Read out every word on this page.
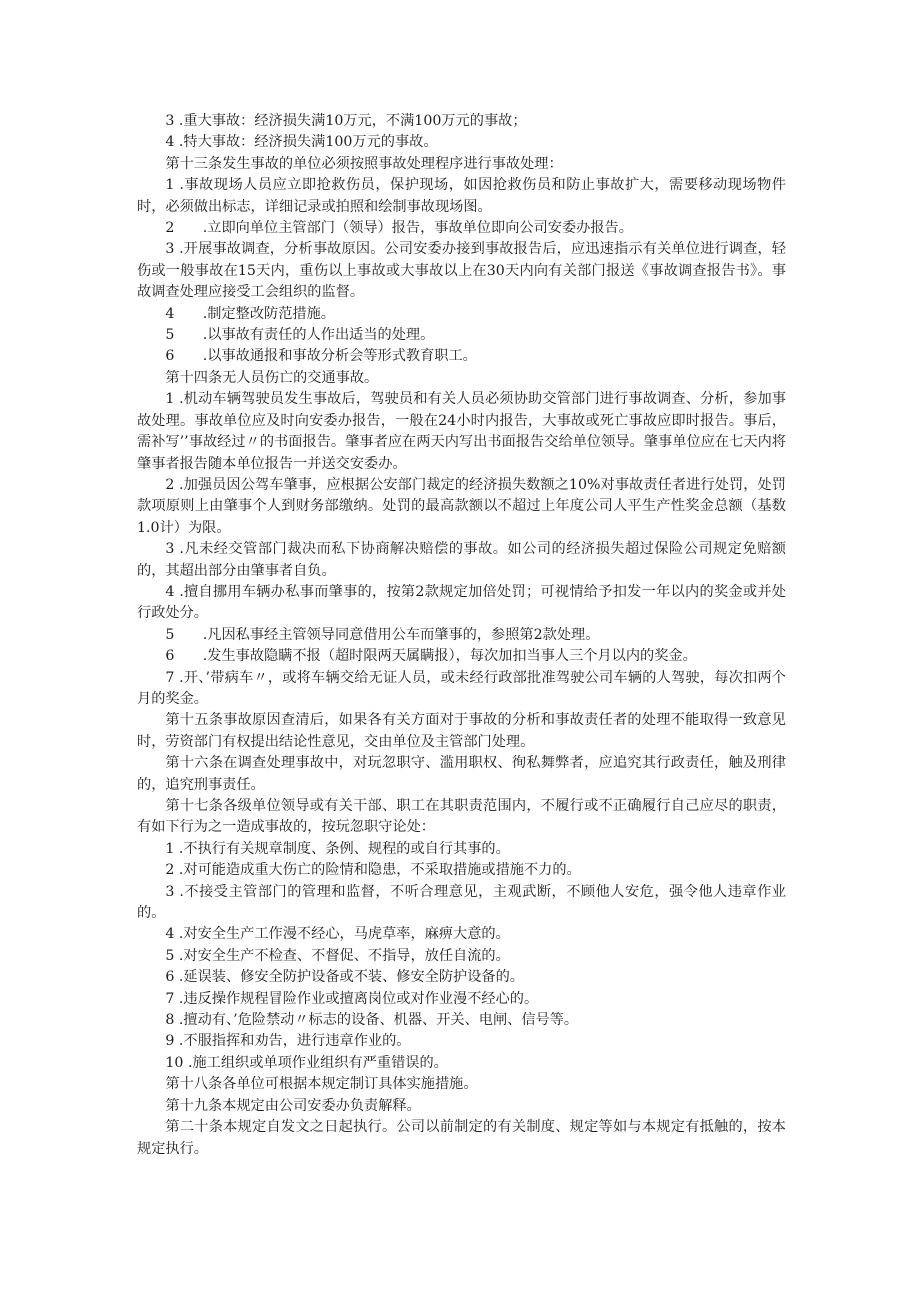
3 .重大事故：经济损失满10万元，不满100万元的事故；

4 .特大事故：经济损失满100万元的事故。

第十三条发生事故的单位必须按照事故处理程序进行事故处理：

1 .事故现场人员应立即抢救伤员，保护现场，如因抢救伤员和防止事故扩大，需要移动现场物件时，必须做出标志，详细记录或拍照和绘制事故现场图。

2　　.立即向单位主管部门（领导）报告，事故单位即向公司安委办报告。

3 .开展事故调查，分析事故原因。公司安委办接到事故报告后，应迅速指示有关单位进行调查，轻伤或一般事故在15天内，重伤以上事故或大事故以上在30天内向有关部门报送《事故调查报告书》。事故调查处理应接受工会组织的监督。

4　　.制定整改防范措施。

5　　.以事故有责任的人作出适当的处理。

6　　.以事故通报和事故分析会等形式教育职工。

第十四条无人员伤亡的交通事故。

1 .机动车辆驾驶员发生事故后，驾驶员和有关人员必须协助交管部门进行事故调查、分析，参加事故处理。事故单位应及时向安委办报告，一般在24小时内报告，大事故或死亡事故应即时报告。事后，需补写’’事故经过〃的书面报告。肇事者应在两天内写出书面报告交给单位领导。肇事单位应在七天内将肇事者报告随本单位报告一并送交安委办。

2 .加强员因公驾车肇事，应根据公安部门裁定的经济损失数额之10%对事故责任者进行处罚，处罚款项原则上由肇事个人到财务部缴纳。处罚的最高款额以不超过上年度公司人平生产性奖金总额（基数1.0计）为限。

3 .凡未经交管部门裁决而私下协商解决赔偿的事故。如公司的经济损失超过保险公司规定免赔额的，其超出部分由肇事者自负。

4 .擅自挪用车辆办私事而肇事的，按第2款规定加倍处罚；可视情给予扣发一年以内的奖金或并处行政处分。

5　　.凡因私事经主管领导同意借用公车而肇事的，参照第2款处理。

6　　.发生事故隐瞒不报（超时限两天属瞒报），每次加扣当事人三个月以内的奖金。

7 .开、’带病车〃，或将车辆交给无证人员，或未经行政部批准驾驶公司车辆的人驾驶，每次扣两个月的奖金。

第十五条事故原因查清后，如果各有关方面对于事故的分析和事故责任者的处理不能取得一致意见时，劳资部门有权提出结论性意见，交由单位及主管部门处理。

第十六条在调查处理事故中，对玩忽职守、滥用职权、徇私舞弊者，应追究其行政责任，触及刑律的，追究刑事责任。

第十七条各级单位领导或有关干部、职工在其职责范围内，不履行或不正确履行自己应尽的职责，有如下行为之一造成事故的，按玩忽职守论处：

1 .不执行有关规章制度、条例、规程的或自行其事的。

2 .对可能造成重大伤亡的险情和隐患，不采取措施或措施不力的。

3 .不接受主管部门的管理和监督，不听合理意见，主观武断，不顾他人安危，强令他人违章作业的。

4 .对安全生产工作漫不经心，马虎草率，麻痹大意的。

5 .对安全生产不检查、不督促、不指导，放任自流的。

6 .延误装、修安全防护设备或不装、修安全防护设备的。

7 .违反操作规程冒险作业或擅离岗位或对作业漫不经心的。

8 .擅动有、’危险禁动〃标志的设备、机器、开关、电闸、信号等。

9 .不服指挥和劝告，进行违章作业的。

10 .施工组织或单项作业组织有严重错误的。

第十八条各单位可根据本规定制订具体实施措施。

第十九条本规定由公司安委办负责解释。

第二十条本规定自发文之日起执行。公司以前制定的有关制度、规定等如与本规定有抵触的，按本规定执行。
